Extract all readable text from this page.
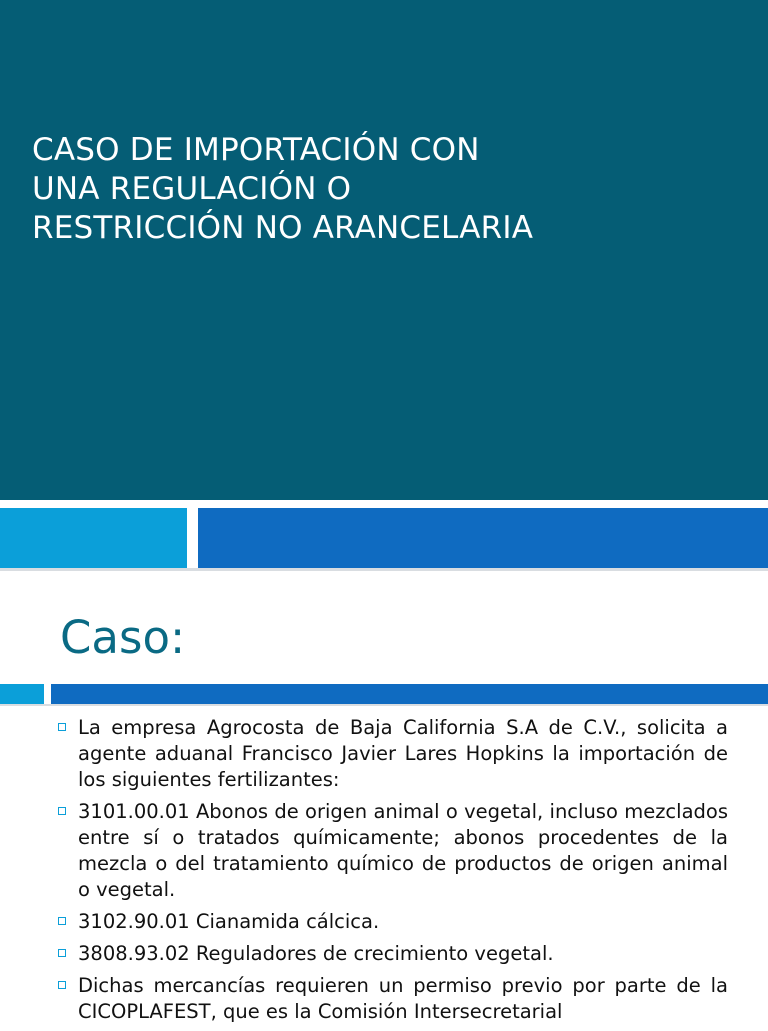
CASO DE IMPORTACIÓN CON
UNA REGULACIÓN O
RESTRICCIÓN NO ARANCELARIA
Caso:
La empresa Agrocosta de Baja California S.A de C.V., solicita a agente aduanal Francisco Javier Lares Hopkins la importación de los siguientes fertilizantes:
3101.00.01 Abonos de origen animal o vegetal, incluso mezclados entre sí o tratados químicamente; abonos procedentes de la mezcla o del tratamiento químico de productos de origen animal o vegetal.
3102.90.01 Cianamida cálcica.
3808.93.02 Reguladores de crecimiento vegetal.
Dichas mercancías requieren un permiso previo por parte de la CICOPLAFEST, que es la Comisión Intersecretarial
